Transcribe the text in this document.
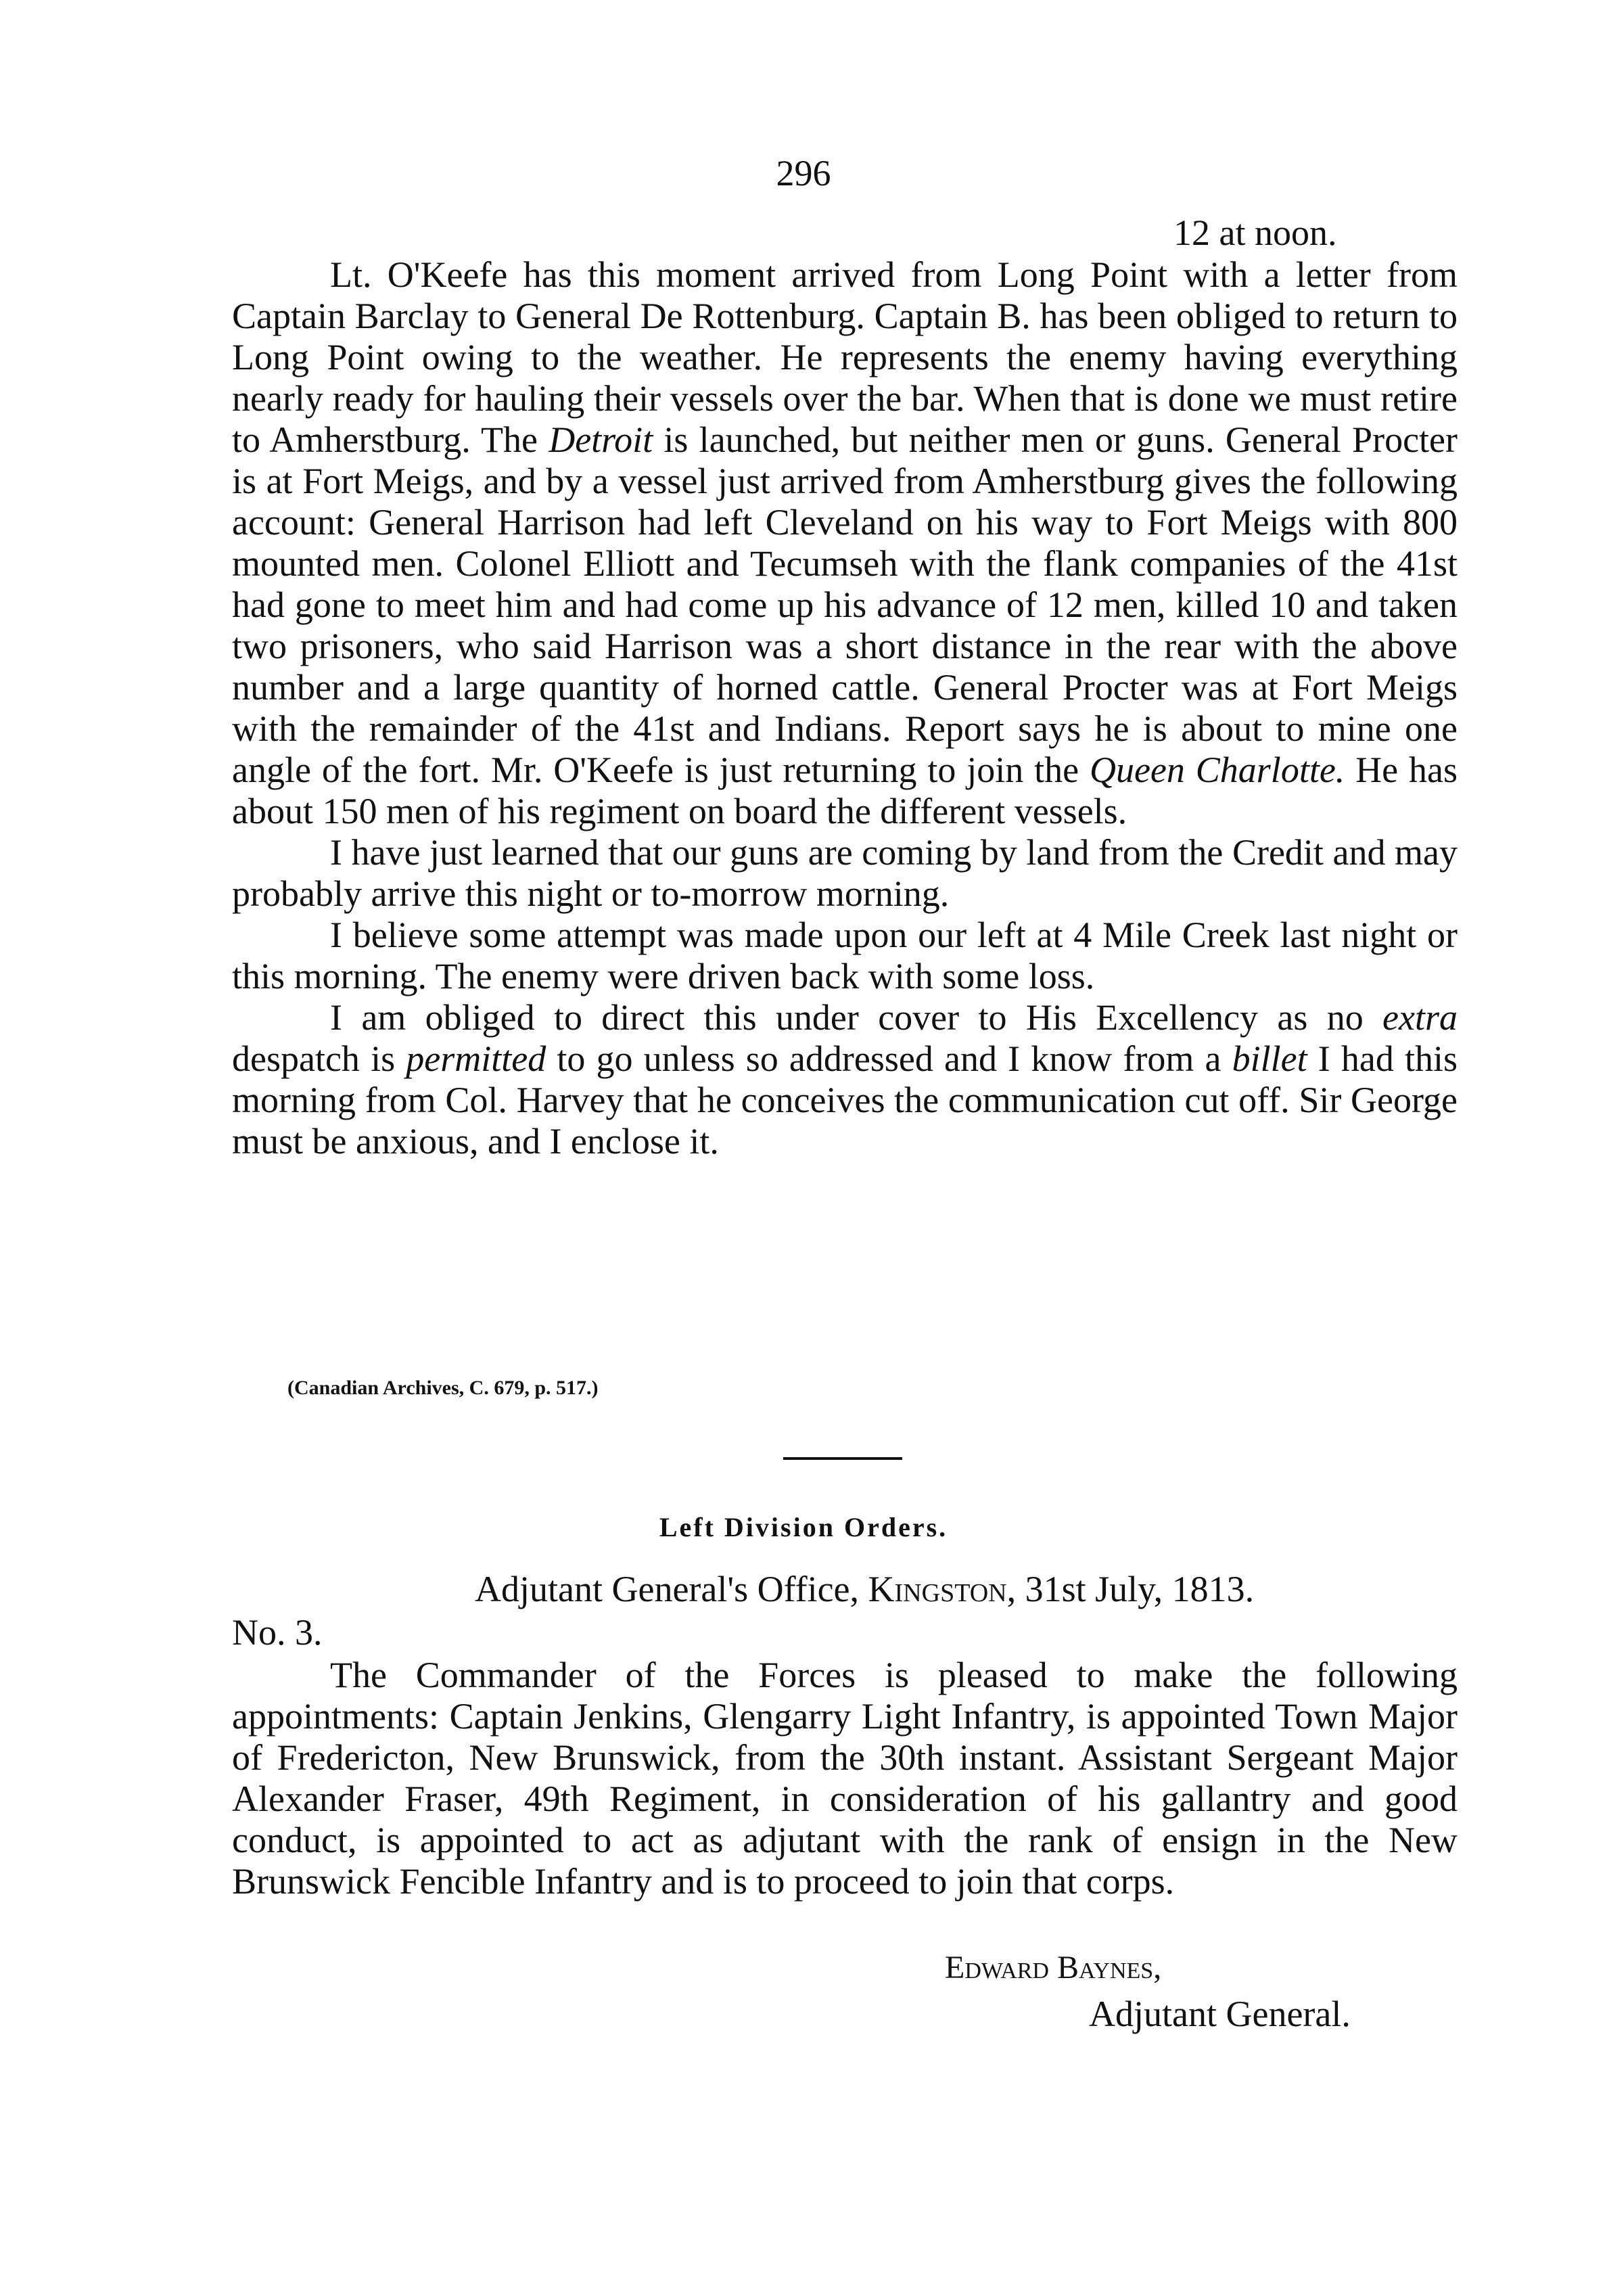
296
12 at noon.

Lt. O'Keefe has this moment arrived from Long Point with a letter from Captain Barclay to General De Rottenburg. Captain B. has been obliged to return to Long Point owing to the weather. He represents the enemy having everything nearly ready for hauling their vessels over the bar. When that is done we must retire to Amherstburg. The Detroit is launched, but neither men or guns. General Procter is at Fort Meigs, and by a vessel just arrived from Amherstburg gives the following account: General Harrison had left Cleveland on his way to Fort Meigs with 800 mounted men. Colonel Elliott and Tecumseh with the flank companies of the 41st had gone to meet him and had come up his advance of 12 men, killed 10 and taken two prisoners, who said Harrison was a short distance in the rear with the above number and a large quantity of horned cattle. General Procter was at Fort Meigs with the remainder of the 41st and Indians. Report says he is about to mine one angle of the fort. Mr. O'Keefe is just returning to join the Queen Charlotte. He has about 150 men of his regiment on board the different vessels.

I have just learned that our guns are coming by land from the Credit and may probably arrive this night or to-morrow morning.

I believe some attempt was made upon our left at 4 Mile Creek last night or this morning. The enemy were driven back with some loss.

I am obliged to direct this under cover to His Excellency as no extra despatch is permitted to go unless so addressed and I know from a billet I had this morning from Col. Harvey that he conceives the communication cut off. Sir George must be anxious, and I enclose it.

(Canadian Archives, C. 679, p. 517.)
Left Division Orders.
Adjutant General's Office, Kingston, 31st July, 1813.
No. 3.

The Commander of the Forces is pleased to make the following appointments: Captain Jenkins, Glengarry Light Infantry, is appointed Town Major of Fredericton, New Brunswick, from the 30th instant. Assistant Sergeant Major Alexander Fraser, 49th Regiment, in consideration of his gallantry and good conduct, is appointed to act as adjutant with the rank of ensign in the New Brunswick Fencible Infantry and is to proceed to join that corps.

Edward Baynes,
Adjutant General.
